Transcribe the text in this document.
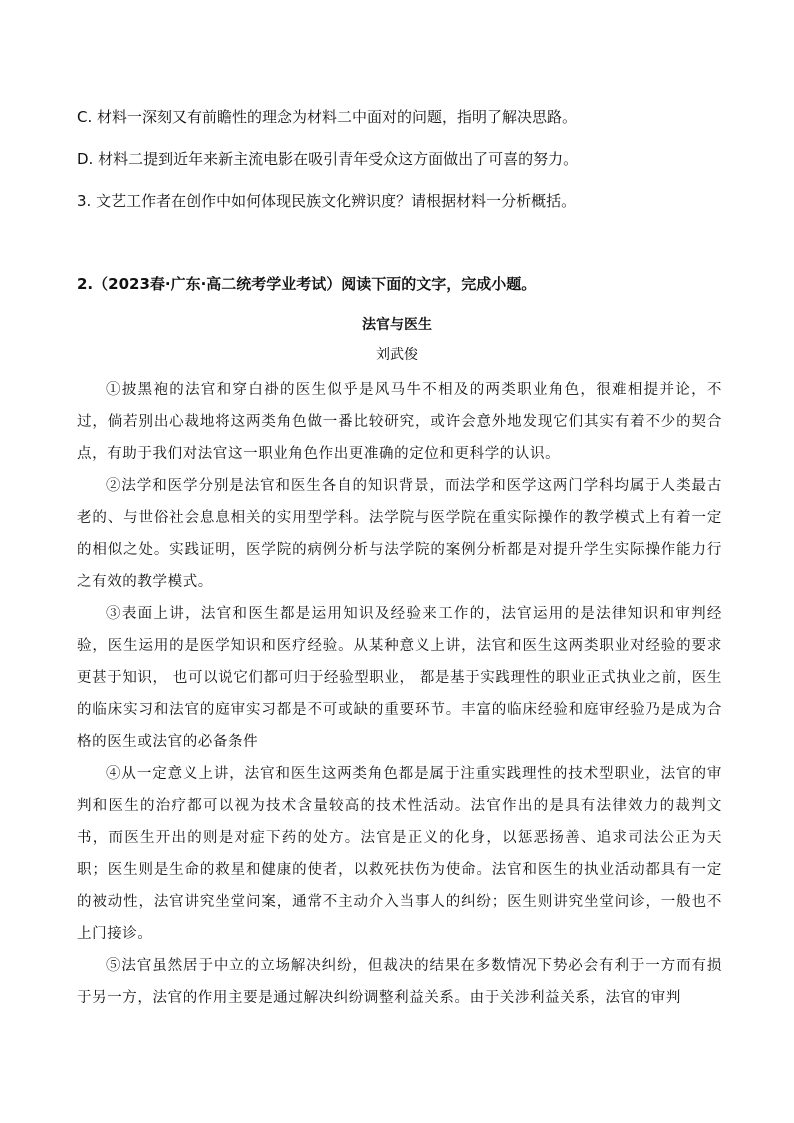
C. 材料一深刻又有前瞻性的理念为材料二中面对的问题，指明了解决思路。
D. 材料二提到近年来新主流电影在吸引青年受众这方面做出了可喜的努力。
3. 文艺工作者在创作中如何体现民族文化辨识度？请根据材料一分析概括。
2.（2023春·广东·高二统考学业考试）阅读下面的文字，完成小题。
法官与医生
刘武俊

①披黑袍的法官和穿白褂的医生似乎是风马牛不相及的两类职业角色，很难相提并论，不过，倘若别出心裁地将这两类角色做一番比较研究，或许会意外地发现它们其实有着不少的契合点，有助于我们对法官这一职业角色作出更准确的定位和更科学的认识。

②法学和医学分别是法官和医生各自的知识背景，而法学和医学这两门学科均属于人类最古老的、与世俗社会息息相关的实用型学科。法学院与医学院在重实际操作的教学模式上有着一定的相似之处。实践证明，医学院的病例分析与法学院的案例分析都是对提升学生实际操作能力行之有效的教学模式。

③表面上讲，法官和医生都是运用知识及经验来工作的，法官运用的是法律知识和审判经验，医生运用的是医学知识和医疗经验。从某种意义上讲，法官和医生这两类职业对经验的要求更甚于知识， 也可以说它们都可归于经验型职业， 都是基于实践理性的职业正式执业之前，医生的临床实习和法官的庭审实习都是不可或缺的重要环节。丰富的临床经验和庭审经验乃是成为合格的医生或法官的必备条件

④从一定意义上讲，法官和医生这两类角色都是属于注重实践理性的技术型职业，法官的审判和医生的治疗都可以视为技术含量较高的技术性活动。法官作出的是具有法律效力的裁判文书，而医生开出的则是对症下药的处方。法官是正义的化身，以惩恶扬善、追求司法公正为天职；医生则是生命的救星和健康的使者，以救死扶伤为使命。法官和医生的执业活动都具有一定的被动性，法官讲究坐堂问案，通常不主动介入当事人的纠纷；医生则讲究坐堂问诊，一般也不上门接诊。

⑤法官虽然居于中立的立场解决纠纷，但裁决的结果在多数情况下势必会有利于一方而有损于另一方，法官的作用主要是通过解决纠纷调整利益关系。由于关涉利益关系，法官的审判
